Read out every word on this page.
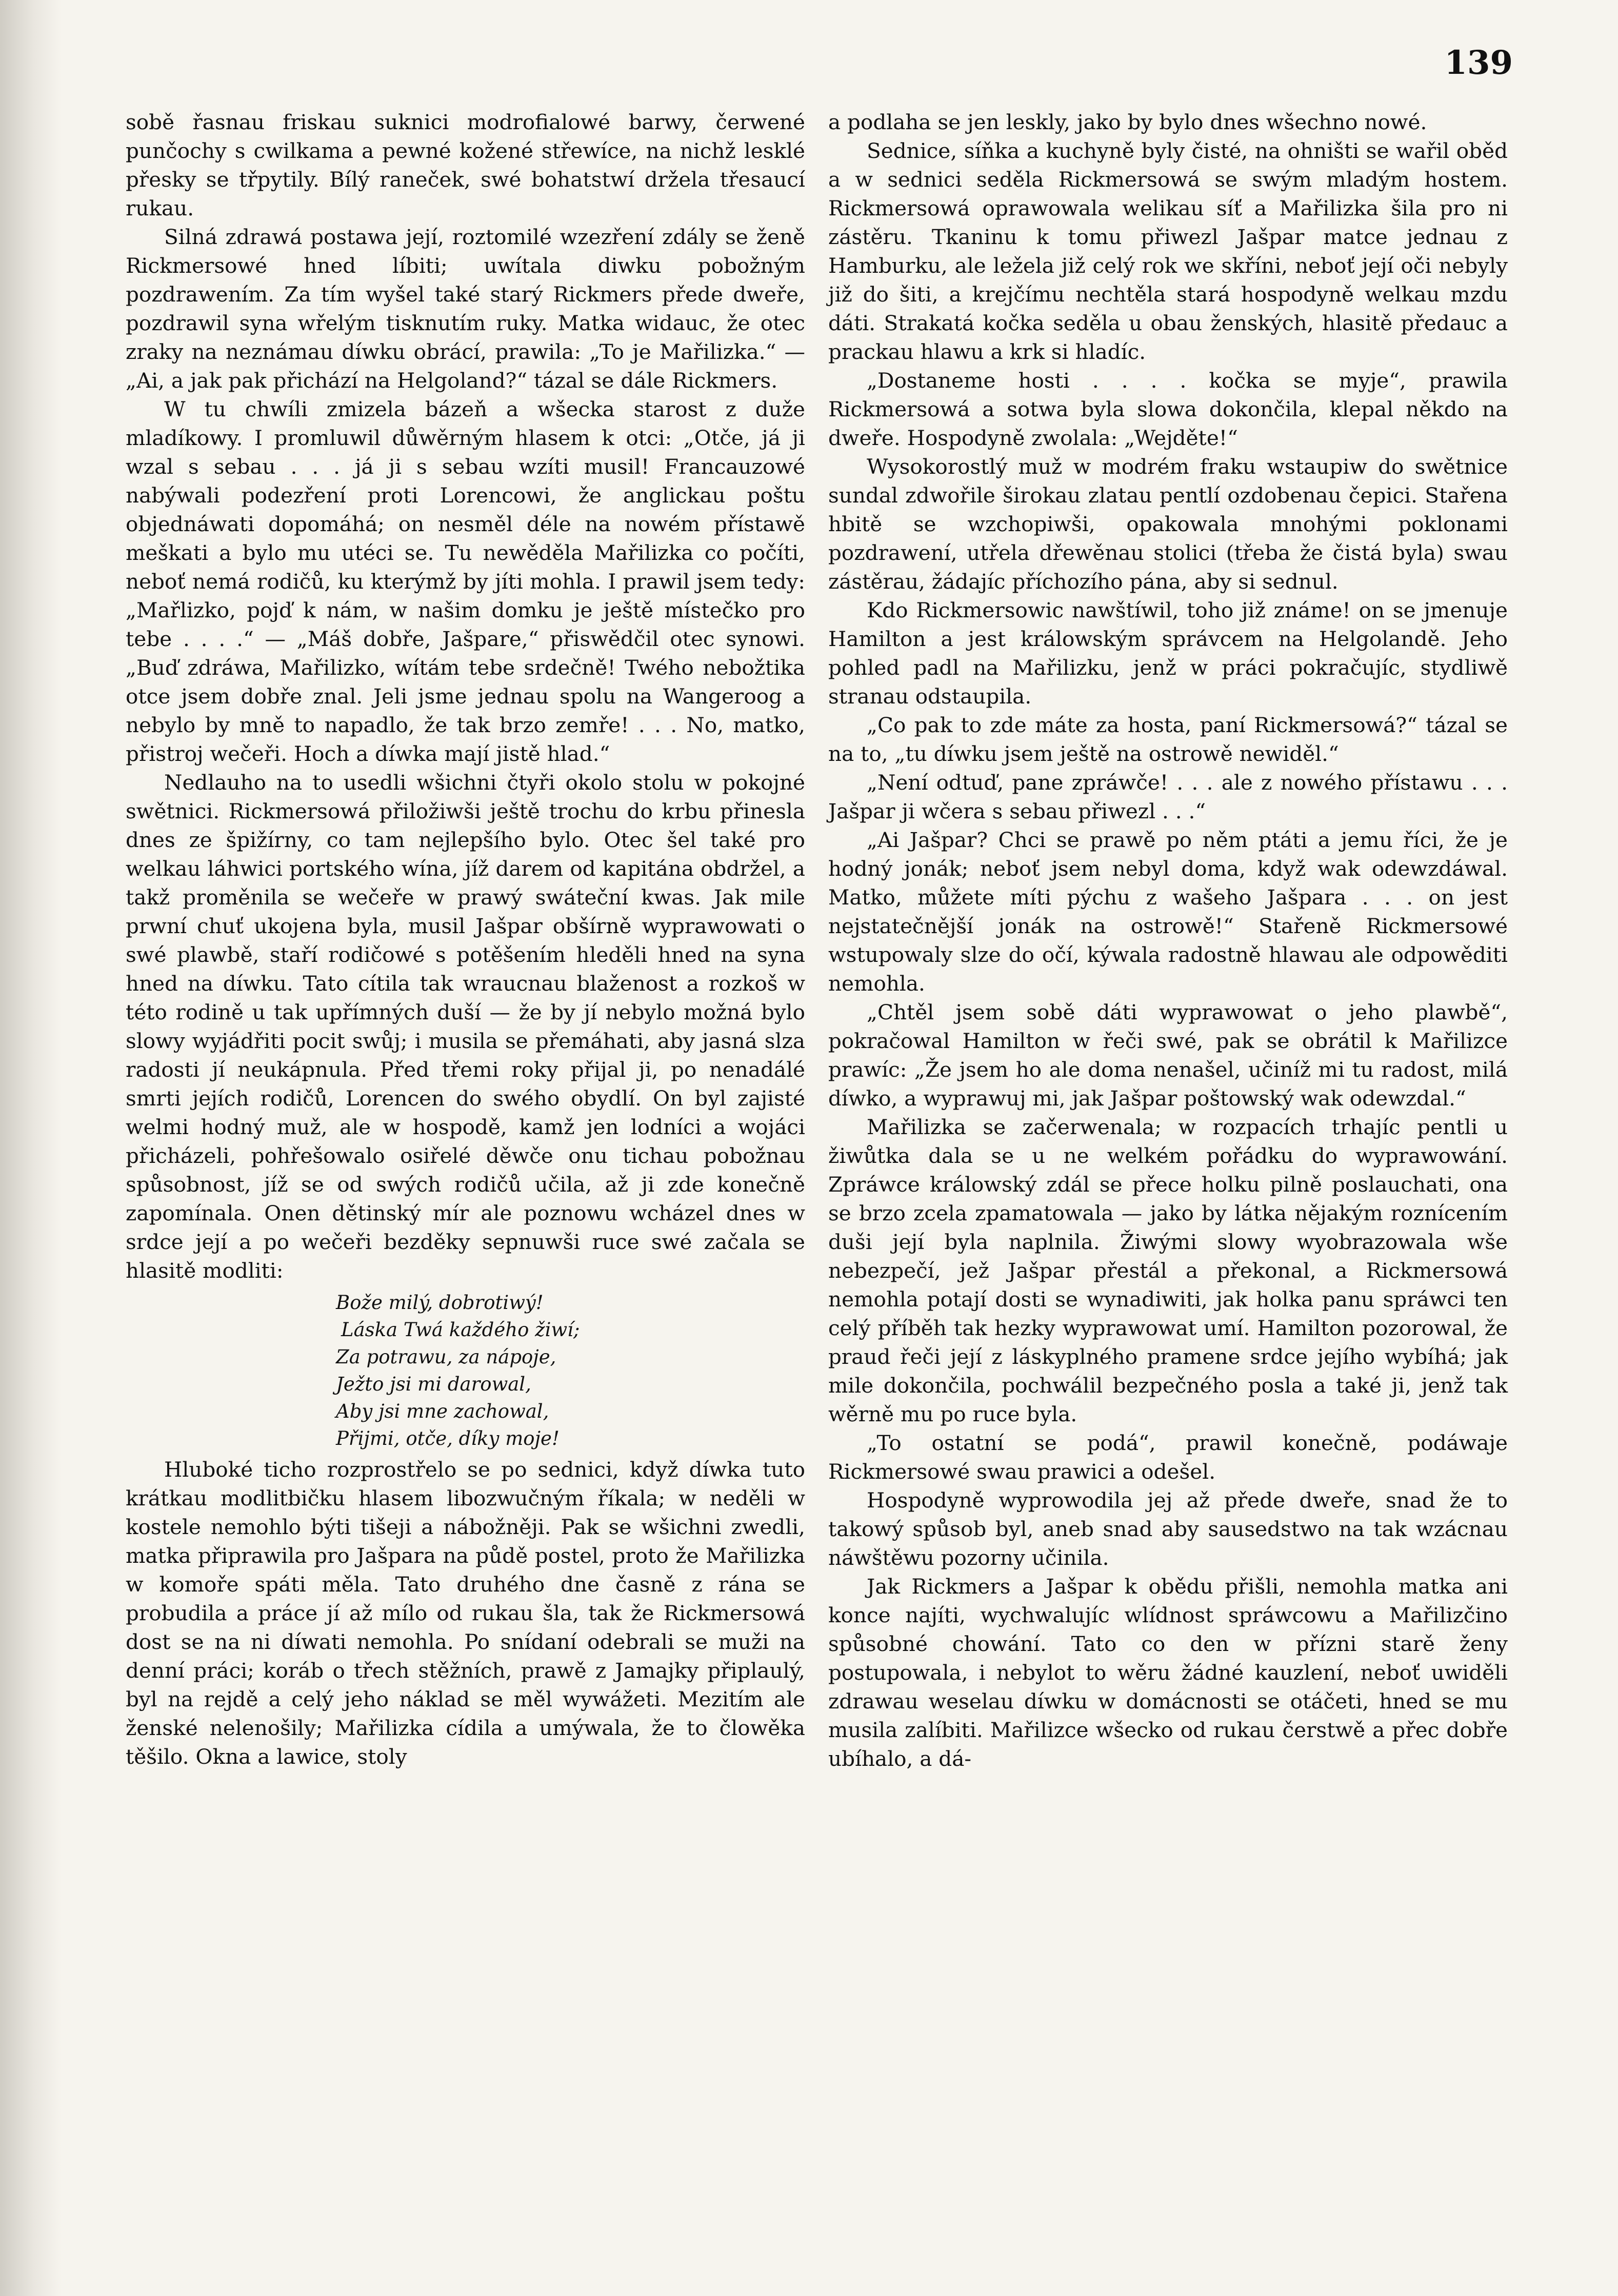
139

sobě řasnau friskau suknici modrofialowé barwy, čerwené punčochy s cwilkama a pewné kožené střewíce, na nichž lesklé přesky se třpytily. Bílý raneček, swé bohatstwí držela třesaucí rukau.

Silná zdrawá postawa její, roztomilé wzezření zdály se ženě Rickmersowé hned líbiti; uwítala diwku pobožným pozdrawením. Za tím wyšel také starý Rickmers přede dweře, pozdrawil syna wřelým tisknutím ruky. Matka widauc, že otec zraky na neznámau díwku obrácí, prawila: „To je Mařilizka.“ — „Ai, a jak pak přichází na Helgoland?“ tázal se dále Rickmers.

W tu chwíli zmizela bázeň a wšecka starost z duže mladíkowy. I promluwil důwěrným hlasem k otci: „Otče, já ji wzal s sebau . . . já ji s sebau wzíti musil! Francauzowé nabýwali podezření proti Lorencowi, že anglickau poštu objednáwati dopomáhá; on nesměl déle na nowém přístawě meškati a bylo mu utéci se. Tu newěděla Mařilizka co počíti, neboť nemá rodičů, ku kterýmž by jíti mohla. I prawil jsem tedy: „Mařlizko, pojď k nám, w našim domku je ještě místečko pro tebe . . . .“ — „Máš dobře, Jašpare,“ přiswědčil otec synowi. „Buď zdráwa, Mařilizko, wítám tebe srdečně! Twého nebožtika otce jsem dobře znal. Jeli jsme jednau spolu na Wangeroog a nebylo by mně to napadlo, že tak brzo zemře! . . . No, matko, přistroj wečeři. Hoch a díwka mají jistě hlad.“

Nedlauho na to usedli wšichni čtyři okolo stolu w pokojné swětnici. Rickmersowá přiložiwši ještě trochu do krbu přinesla dnes ze špižírny, co tam nejlepšího bylo. Otec šel také pro welkau láhwici portského wína, jíž darem od kapitána obdržel, a takž proměnila se wečeře w prawý swáteční kwas. Jak mile prwní chuť ukojena byla, musil Jašpar obšírně wyprawowati o swé plawbě, staří rodičowé s potěšením hleděli hned na syna hned na díwku. Tato cítila tak wraucnau blaženost a rozkoš w této rodině u tak upřímných duší — že by jí nebylo možná bylo slowy wyjádřiti pocit swůj; i musila se přemáhati, aby jasná slza radosti jí neukápnula. Před třemi roky přijal ji, po nenadálé smrti jejích rodičů, Lorencen do swého obydlí. On byl zajisté welmi hodný muž, ale w hospodě, kamž jen lodníci a wojáci přicházeli, pohřešowalo osiřelé děwče onu tichau pobožnau spůsobnost, jíž se od swých rodičů učila, až ji zde konečně zapomínala. Onen dětinský mír ale poznowu wcházel dnes w srdce její a po wečeři bezděky sepnuwši ruce swé začala se hlasitě modliti:

Bože milý, dobrotiwý!
Láska Twá každého žiwí;
Za potrawu, za nápoje,
Ježto jsi mi darowal,
Aby jsi mne zachowal,
Přijmi, otče, díky moje!

Hluboké ticho rozprostřelo se po sednici, když díwka tuto krátkau modlitbičku hlasem libozwučným říkala; w neděli w kostele nemohlo býti tišeji a nábožněji. Pak se wšichni zwedli, matka připrawila pro Jašpara na půdě postel, proto že Mařilizka w komoře spáti měla. Tato druhého dne časně z rána se probudila a práce jí až mílo od rukau šla, tak že Rickmersowá dost se na ni díwati nemohla. Po snídaní odebrali se muži na denní práci; koráb o třech stěžních, prawě z Jamajky připlaulý, byl na rejdě a celý jeho náklad se měl wywážeti. Mezitím ale ženské nelenošily; Mařilizka cídila a umýwala, že to člowěka těšilo. Okna a lawice, stoly

a podlaha se jen leskly, jako by bylo dnes wšechno nowé.

Sednice, síňka a kuchyně byly čisté, na ohništi se wařil oběd a w sednici seděla Rickmersowá se swým mladým hostem. Rickmersowá oprawowala welikau síť a Mařilizka šila pro ni zástěru. Tkaninu k tomu přiwezl Jašpar matce jednau z Hamburku, ale ležela již celý rok we skříni, neboť její oči nebyly již do šiti, a krejčímu nechtěla stará hospodyně welkau mzdu dáti. Strakatá kočka seděla u obau ženských, hlasitě předauc a prackau hlawu a krk si hladíc.

„Dostaneme hosti . . . . kočka se myje“, prawila Rickmersowá a sotwa byla slowa dokončila, klepal někdo na dweře. Hospodyně zwolala: „Wejděte!“

Wysokorostlý muž w modrém fraku wstaupiw do swětnice sundal zdwořile širokau zlatau pentlí ozdobenau čepici. Stařena hbitě se wzchopiwši, opakowala mnohými poklonami pozdrawení, utřela dřewěnau stolici (třeba že čistá byla) swau zástěrau, žádajíc příchozího pána, aby si sednul.

Kdo Rickmersowic nawštíwil, toho již známe! on se jmenuje Hamilton a jest králowským správcem na Helgolandě. Jeho pohled padl na Mařilizku, jenž w práci pokračujíc, stydliwě stranau odstaupila.

„Co pak to zde máte za hosta, paní Rickmersowá?“ tázal se na to, „tu díwku jsem ještě na ostrowě newiděl.“

„Není odtuď, pane zpráwče! . . . ale z nowého přístawu . . . Jašpar ji wčera s sebau přiwezl . . .“

„Ai Jašpar? Chci se prawě po něm ptáti a jemu říci, že je hodný jonák; neboť jsem nebyl doma, když wak odewzdáwal. Matko, můžete míti pýchu z wašeho Jašpara . . . on jest nejstatečnější jonák na ostrowě!“ Stařeně Rickmersowé wstupowaly slze do očí, kýwala radostně hlawau ale odpowěditi nemohla.

„Chtěl jsem sobě dáti wyprawowat o jeho plawbě“, pokračowal Hamilton w řeči swé, pak se obrátil k Mařilizce prawíc: „Že jsem ho ale doma nenašel, učiníž mi tu radost, milá díwko, a wyprawuj mi, jak Jašpar poštowský wak odewzdal.“

Mařilizka se začerwenala; w rozpacích trhajíc pentli u žiwůtka dala se u ne welkém pořádku do wyprawowání. Zpráwce králowský zdál se přece holku pilně poslauchati, ona se brzo zcela zpamatowala — jako by látka nějakým roznícením duši její byla naplnila. Žiwými slowy wyobrazowala wše nebezpečí, jež Jašpar přestál a překonal, a Rickmersowá nemohla potají dosti se wynadiwiti, jak holka panu spráwci ten celý příběh tak hezky wyprawowat umí. Hamilton pozorowal, že praud řeči její z láskyplného pramene srdce jejího wybíhá; jak mile dokončila, pochwálil bezpečného posla a také ji, jenž tak wěrně mu po ruce byla.

„To ostatní se podá“, prawil konečně, podáwaje Rickmersowé swau prawici a odešel.

Hospodyně wyprowodila jej až přede dweře, snad že to takowý spůsob byl, aneb snad aby sausedstwo na tak wzácnau náwštěwu pozorny učinila.

Jak Rickmers a Jašpar k obědu přišli, nemohla matka ani konce najíti, wychwalujíc wlídnost spráwcowu a Mařilizčino spůsobné chowání. Tato co den w přízni starě ženy postupowala, i nebylot to wěru žádné kauzlení, neboť uwiděli zdrawau weselau díwku w domácnosti se otáčeti, hned se mu musila zalíbiti. Mařilizce wšecko od rukau čerstwě a přec dobře ubíhalo, a dá-
